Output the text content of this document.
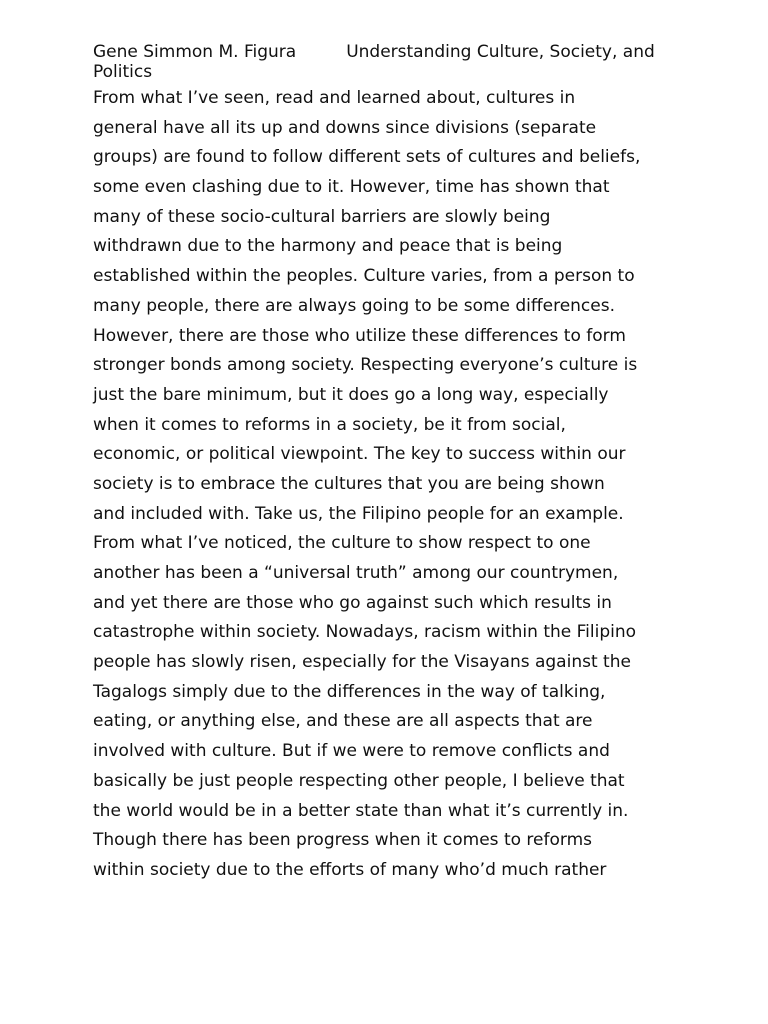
Gene Simmon M. Figura	Understanding Culture, Society, and
Politics
From what I’ve seen, read and learned about, cultures in
general have all its up and downs since divisions (separate
groups) are found to follow different sets of cultures and beliefs,
some even clashing due to it. However, time has shown that
many of these socio-cultural barriers are slowly being
withdrawn due to the harmony and peace that is being
established within the peoples. Culture varies, from a person to
many people, there are always going to be some differences.
However, there are those who utilize these differences to form
stronger bonds among society. Respecting everyone’s culture is
just the bare minimum, but it does go a long way, especially
when it comes to reforms in a society, be it from social,
economic, or political viewpoint. The key to success within our
society is to embrace the cultures that you are being shown
and included with. Take us, the Filipino people for an example.
From what I’ve noticed, the culture to show respect to one
another has been a “universal truth” among our countrymen,
and yet there are those who go against such which results in
catastrophe within society. Nowadays, racism within the Filipino
people has slowly risen, especially for the Visayans against the
Tagalogs simply due to the differences in the way of talking,
eating, or anything else, and these are all aspects that are
involved with culture. But if we were to remove conflicts and
basically be just people respecting other people, I believe that
the world would be in a better state than what it’s currently in.
Though there has been progress when it comes to reforms
within society due to the efforts of many who’d much rather
